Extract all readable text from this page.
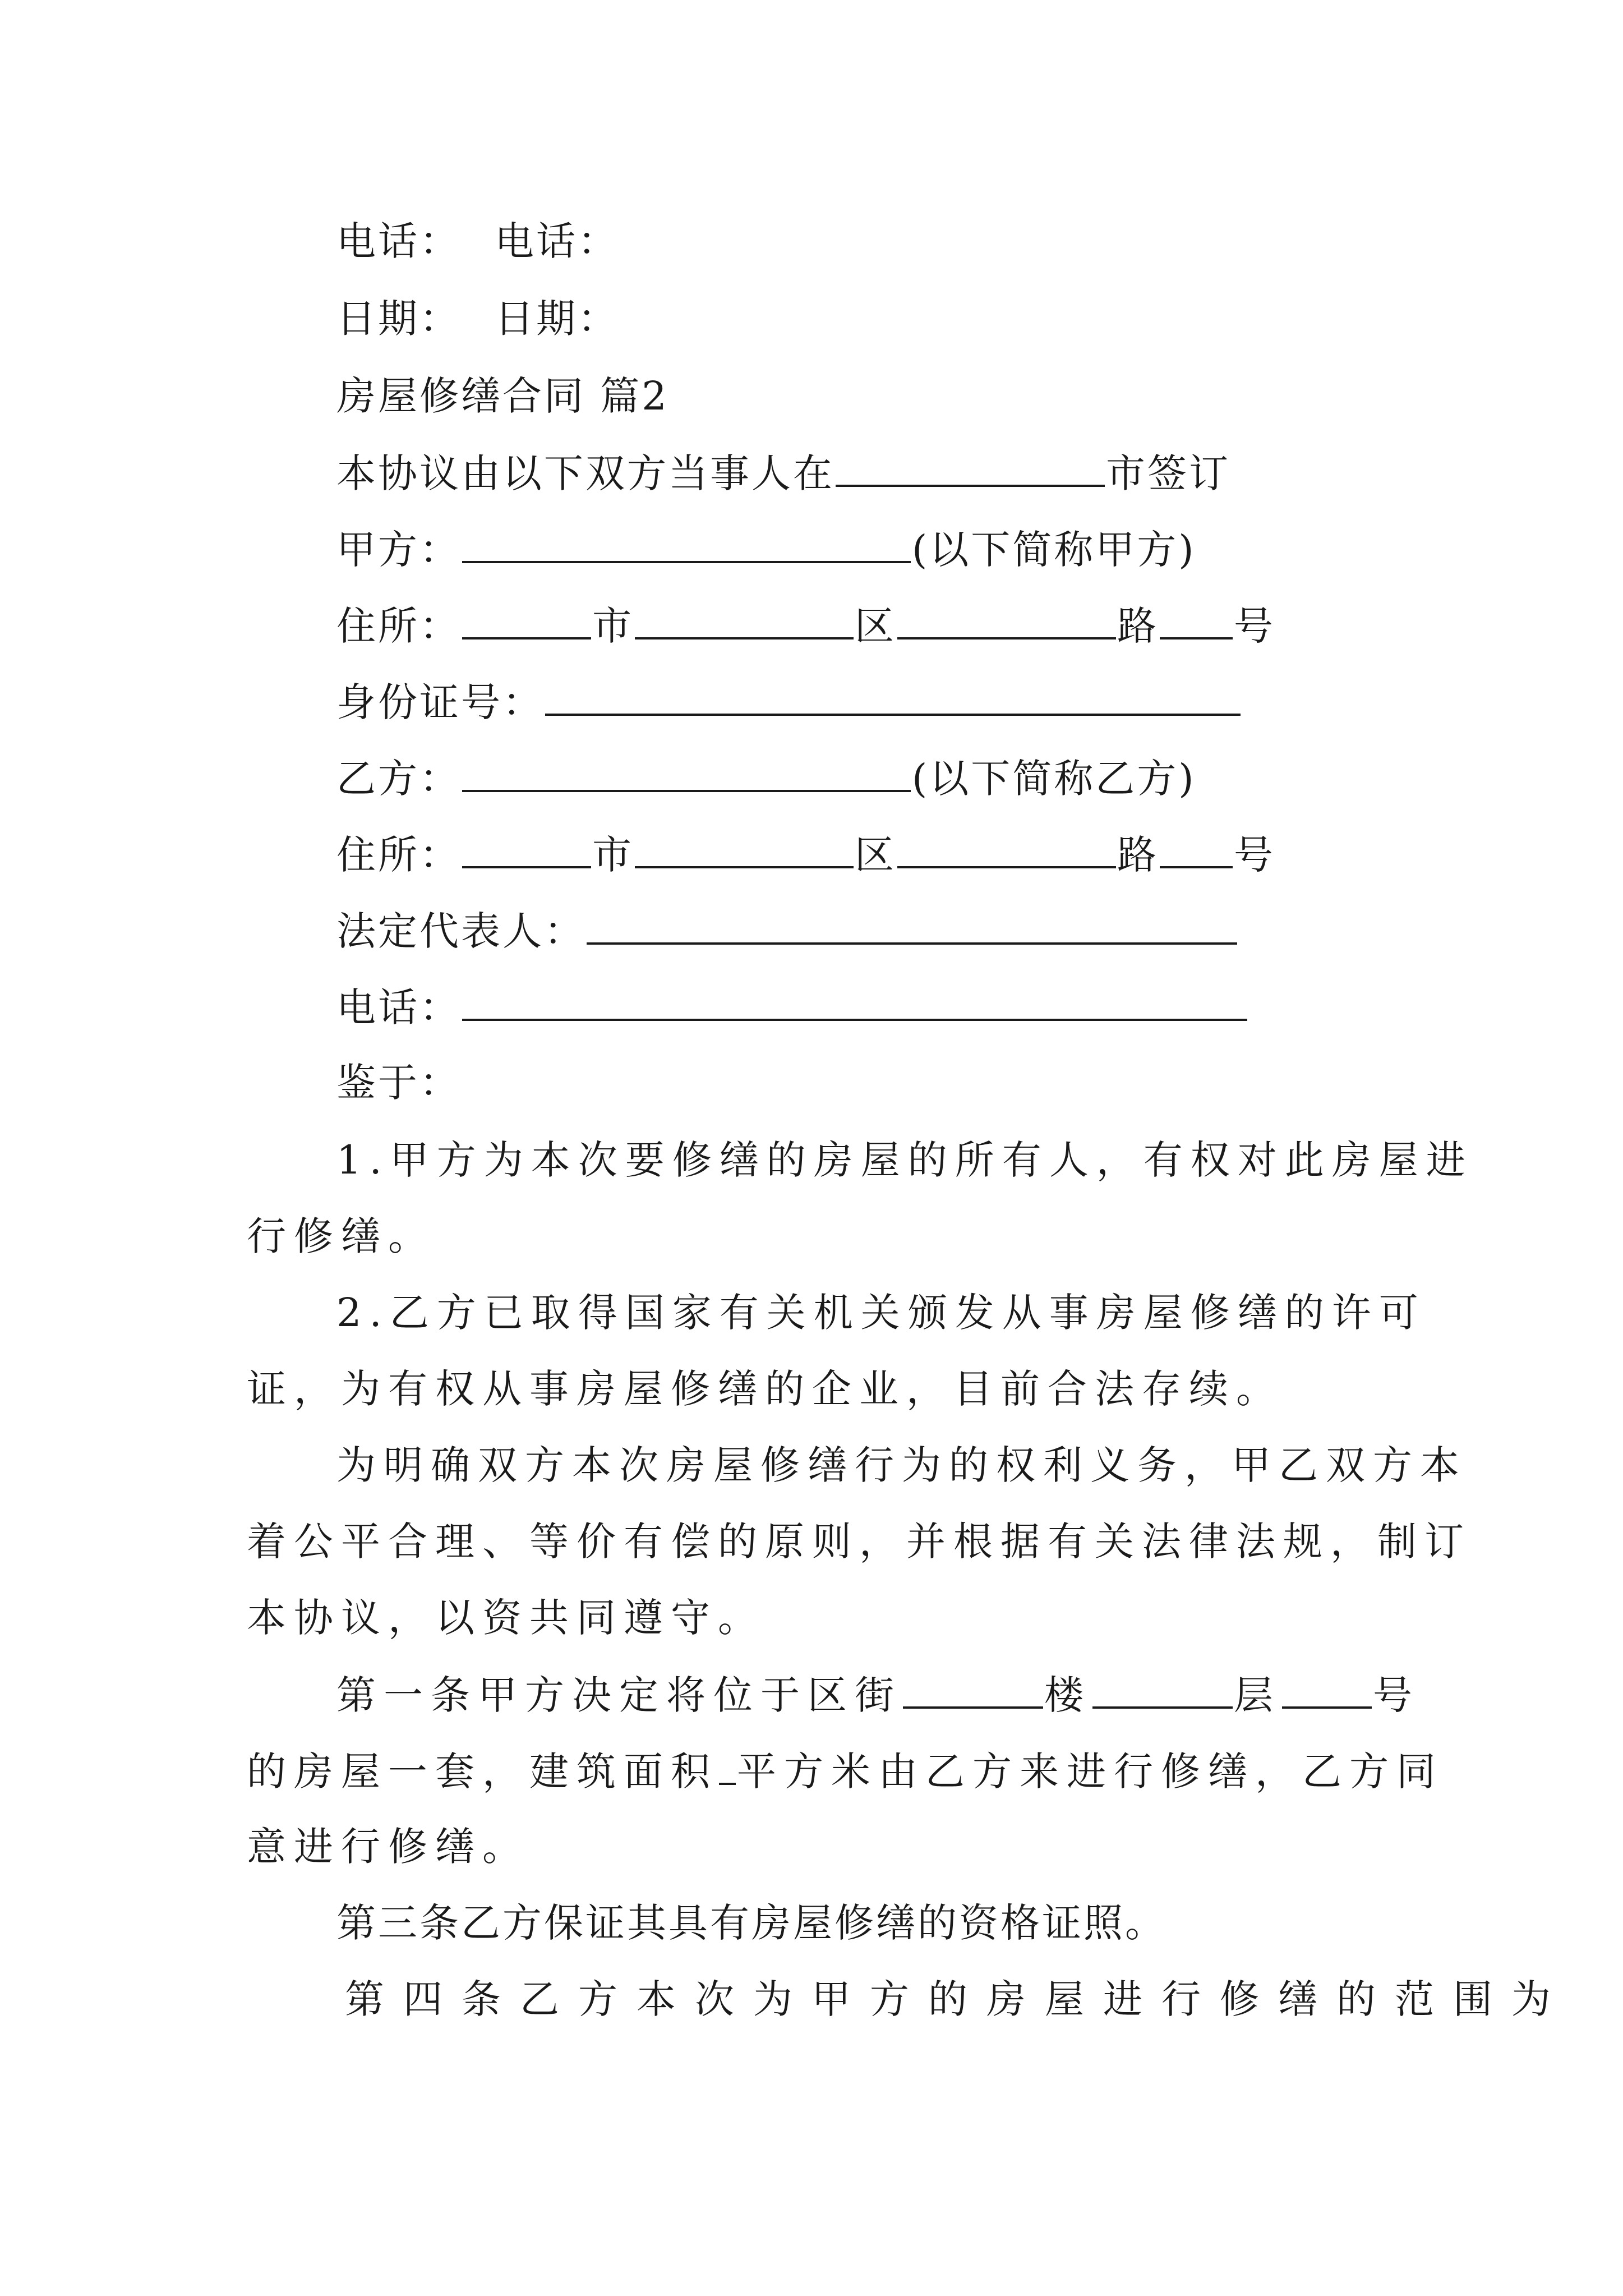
电话： 电话：
日期： 日期：
房屋修缮合同 篇2
本协议由以下双方当事人在	市签订
甲方：	(以下简称甲方)
住所：	市	区	路 号
身份证号：
乙方：	(以下简称乙方)
住所：	市	区	路 号
法定代表人：
电话：
鉴于：
1.甲方为本次要修缮的房屋的所有人，有权对此房屋进
行修缮。
2.乙方已取得国家有关机关颁发从事房屋修缮的许可
证，为有权从事房屋修缮的企业，目前合法存续。
为明确双方本次房屋修缮行为的权利义务，甲乙双方本
着公平合理、等价有偿的原则，并根据有关法律法规，制订
本协议，以资共同遵守。
第一条甲方决定将位于区街	楼	层 号
的房屋一套，建筑面积 平方米由乙方来进行修缮，乙方同
意进行修缮。
第三条乙方保证其具有房屋修缮的资格证照。
第四条乙方本次为甲方的房屋进行修缮的范围为
